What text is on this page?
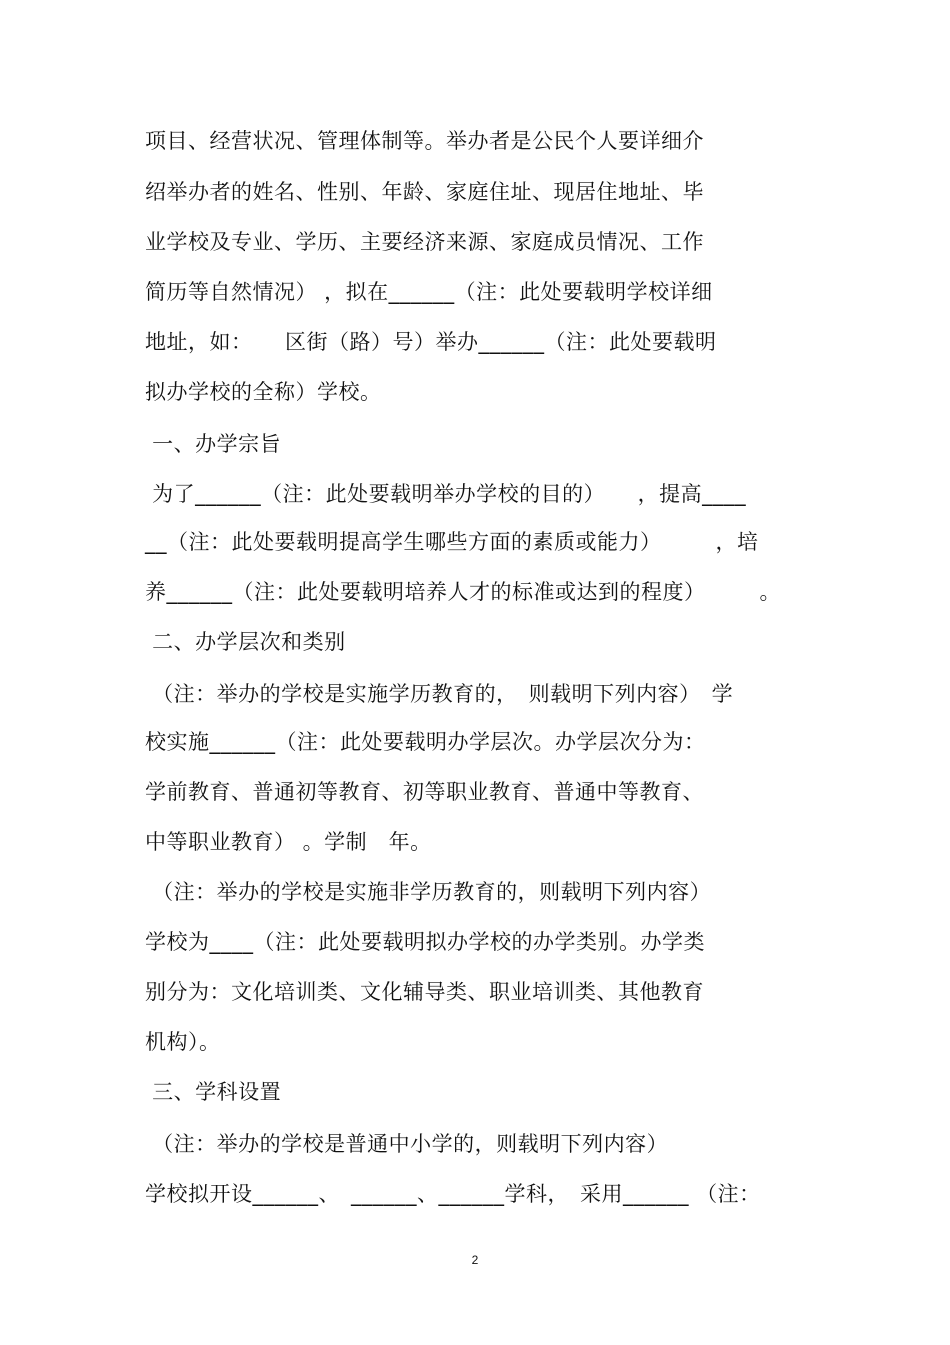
项目、经营状况、管理体制等。举办者是公民个人要详细介
绍举办者的姓名、性别、年龄、家庭住址、现居住地址、毕
业学校及专业、学历、主要经济来源、家庭成员情况、工作
简历等自然情况） ，拟在______（注：此处要载明学校详细
地址，如：　　区街（路）号）举办______（注：此处要载明
拟办学校的全称）学校。
一、办学宗旨
为了______（注：此处要载明举办学校的目的）　　，提高____
__（注：此处要载明提高学生哪些方面的素质或能力）　　　，培
养______（注：此处要载明培养人才的标准或达到的程度）　　　。
二、办学层次和类别
（注：举办的学校是实施学历教育的，　则载明下列内容）　学
校实施______（注：此处要载明办学层次。办学层次分为：
学前教育、普通初等教育、初等职业教育、普通中等教育、
中等职业教育） 。学制　年。
（注：举办的学校是实施非学历教育的，则载明下列内容）
学校为____（注：此处要载明拟办学校的办学类别。办学类
别分为：文化培训类、文化辅导类、职业培训类、其他教育
机构）。
三、学科设置
（注：举办的学校是普通中小学的，则载明下列内容）
学校拟开设______、　______、______学科，　采用______ （注：
2
